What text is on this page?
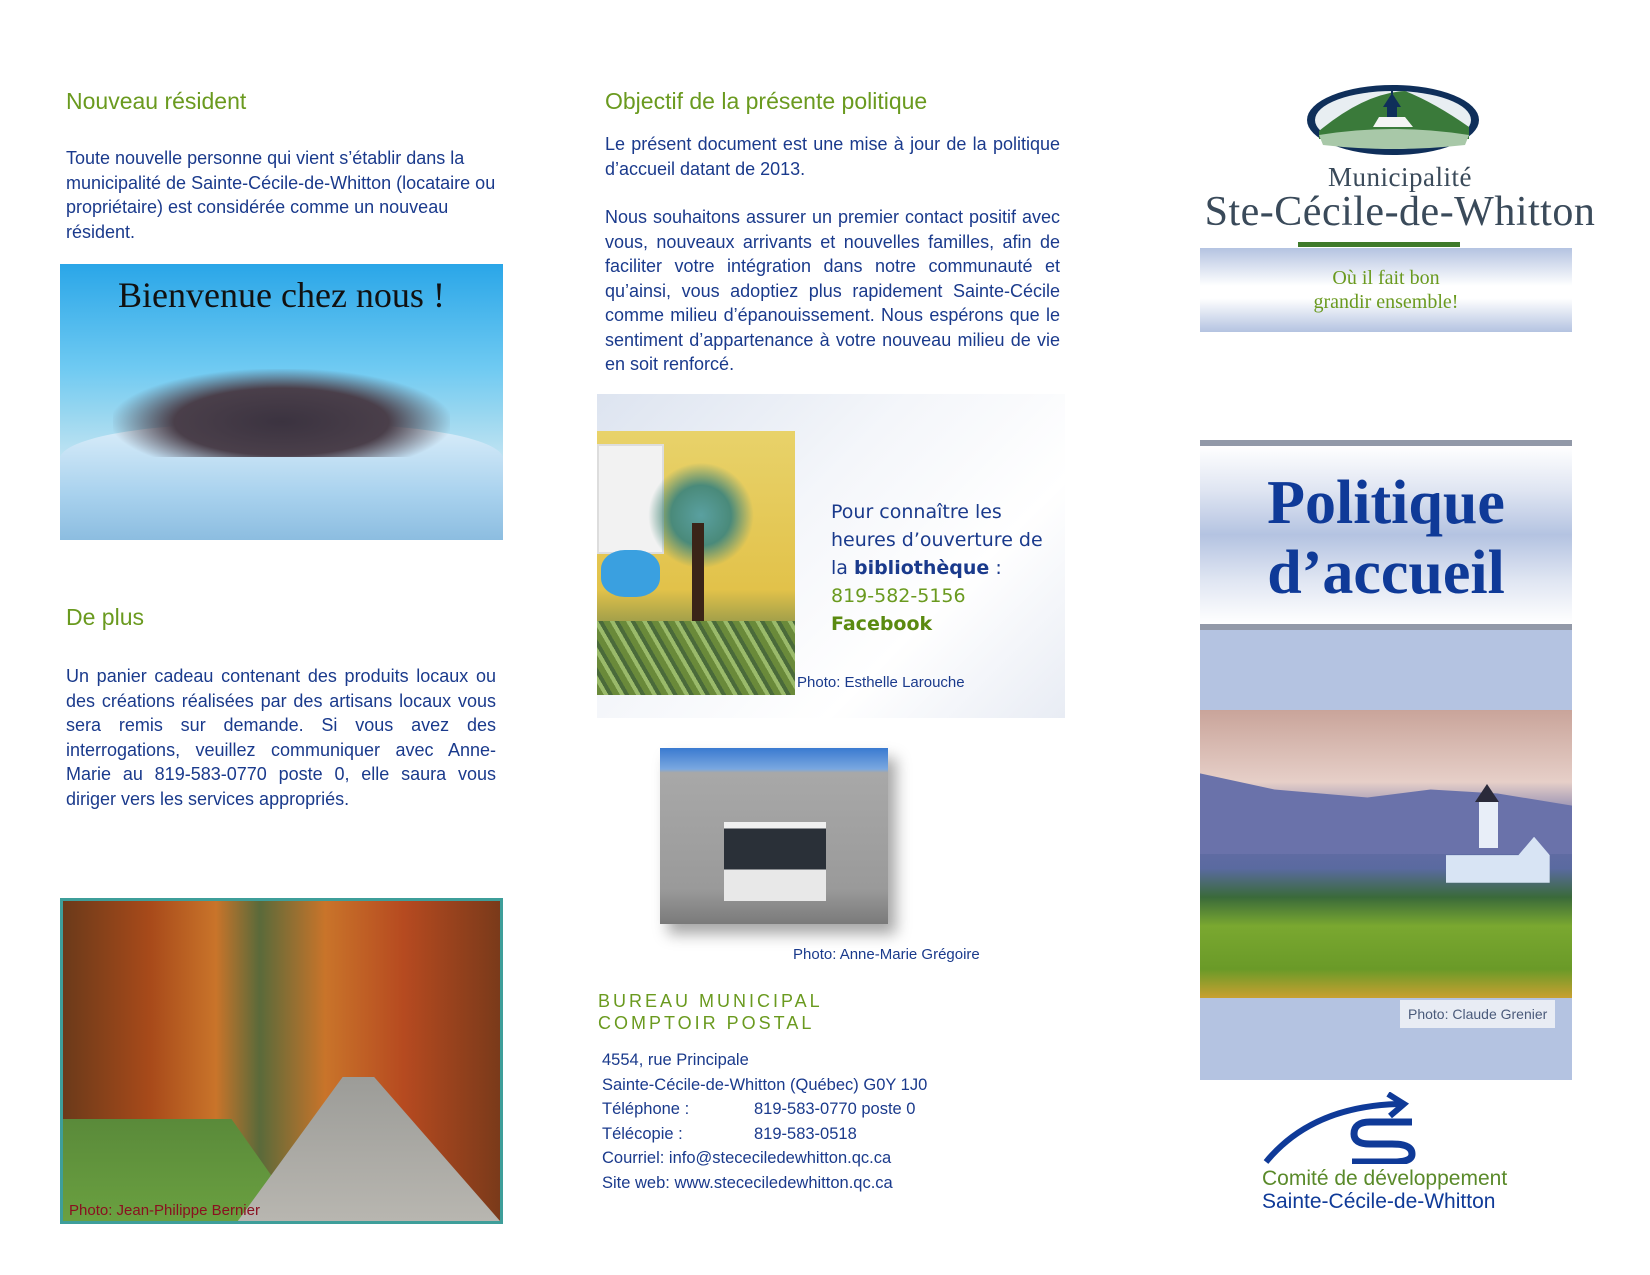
Nouveau résident
Toute nouvelle personne qui vient s’établir dans la municipalité de Sainte-Cécile-de-Whitton (locataire ou propriétaire) est considérée comme un nouveau résident.
Bienvenue chez nous !
De plus
Un panier cadeau contenant des produits locaux ou des créations réalisées par des artisans locaux vous sera remis sur demande. Si vous avez des interrogations, veuillez communiquer avec Anne-Marie au 819-583-0770 poste 0, elle saura vous diriger vers les services appropriés.
Photo: Jean-Philippe Bernier
Objectif de la présente politique
Le présent document est une mise à jour de la politique d’accueil datant de 2013.
Nous souhaitons assurer un premier contact positif avec vous, nouveaux arrivants et nouvelles familles, afin de faciliter votre intégration dans notre communauté et qu’ainsi, vous adoptiez plus rapidement Sainte-Cécile comme milieu d’épanouissement. Nous espérons que le sentiment d’appartenance à votre nouveau milieu de vie en soit renforcé.
Pour connaître les
heures d’ouverture de
la bibliothèque :
819-582-5156
Facebook
Photo: Esthelle Larouche
Photo: Anne-Marie Grégoire
BUREAU MUNICIPAL
COMPTOIR POSTAL
4554, rue Principale
Sainte-Cécile-de-Whitton (Québec) G0Y 1J0
Téléphone :	819-583-0770 poste 0
Télécopie :	819-583-0518
Courriel: info@stececiledewhitton.qc.ca
Site web: www.stececiledewhitton.qc.ca
Municipalité
Ste-Cécile-de-Whitton
Où il fait bon
grandir ensemble!
Politique
d’accueil
Photo: Claude Grenier
Comité de développement
Sainte-Cécile-de-Whitton
